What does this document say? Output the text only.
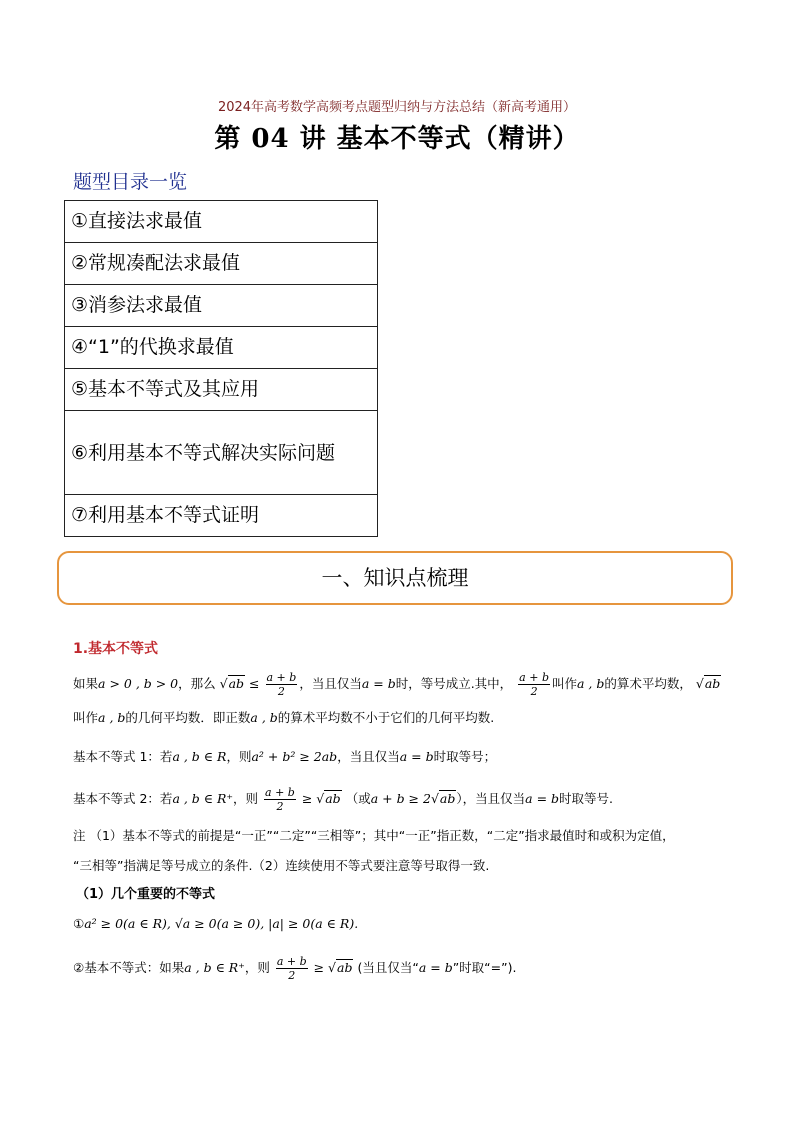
2024年高考数学高频考点题型归纳与方法总结（新高考通用）
第 04 讲 基本不等式（精讲）
题型目录一览
①直接法求最值
②常规凑配法求最值
③消参法求最值
④“1”的代换求最值
⑤基本不等式及其应用
⑥利用基本不等式解决实际问题
⑦利用基本不等式证明
一、知识点梳理
1.基本不等式
如果a > 0 , b > 0，那么 $√ab \le \frac{a + b}{2}$ ，当且仅当a = b时，等号成立.其中， $\frac{a + b}{2}$ 叫作a , b的算术平均数， √ab
叫作a , b的几何平均数．即正数a , b的算术平均数不小于它们的几何平均数.
基本不等式 1：若a , b ∈ R，则a² + b² ≥ 2ab，当且仅当a = b时取等号；
基本不等式 2：若a , b ∈ R⁺，则 $\frac{a + b}{2} \ge √ab$ （或a + b ≥ 2√ab），当且仅当a = b时取等号.
注 （1）基本不等式的前提是“一正”“二定”“三相等”；其中“一正”指正数，“二定”指求最值时和或积为定值，
“三相等”指满足等号成立的条件.（2）连续使用不等式要注意等号取得一致.
（1）几个重要的不等式
①a² ≥ 0(a ∈ R), √a ≥ 0(a ≥ 0), |a| ≥ 0(a ∈ R).
②基本不等式：如果a , b ∈ R⁺，则 $\frac{a + b}{2} \ge √ab$ (当且仅当“a = b”时取“=”).
